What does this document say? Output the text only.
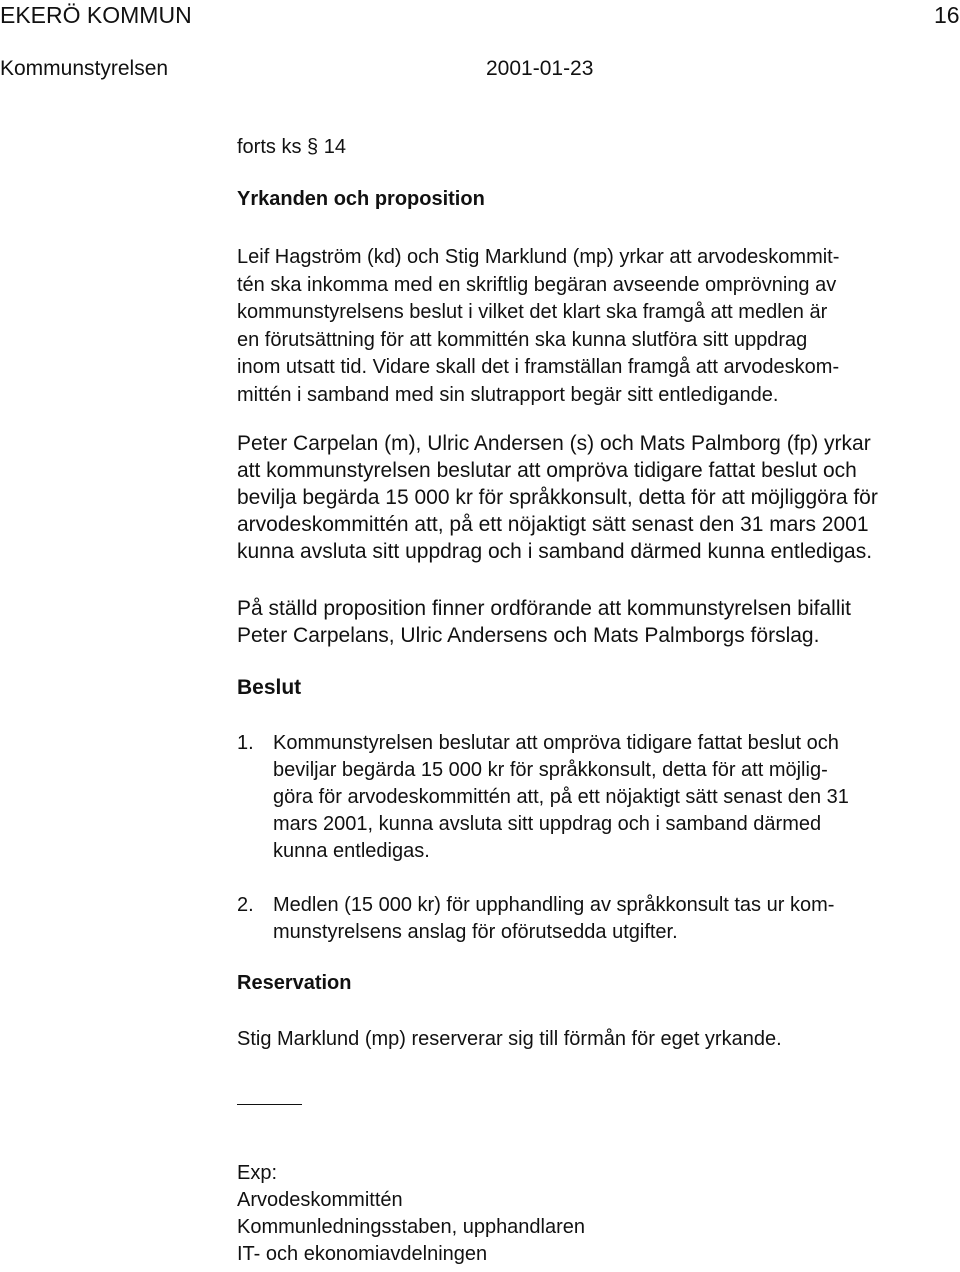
EKERÖ KOMMUN	16
Kommunstyrelsen	2001-01-23
forts ks § 14
Yrkanden och proposition
Leif Hagström (kd) och Stig Marklund (mp) yrkar att arvodeskommit-
tén ska inkomma med en skriftlig begäran avseende omprövning av
kommunstyrelsens beslut i vilket det klart ska framgå att medlen är
en förutsättning för att kommittén ska kunna slutföra sitt uppdrag
inom utsatt tid. Vidare skall det i framställan framgå att arvodeskom-
mittén i samband med sin slutrapport begär sitt entledigande.
Peter Carpelan (m), Ulric Andersen (s) och Mats Palmborg (fp) yrkar
att kommunstyrelsen beslutar att ompröva tidigare fattat beslut och
bevilja begärda 15 000 kr för språkkonsult, detta för att möjliggöra för
arvodeskommittén att, på ett nöjaktigt sätt senast den 31 mars 2001
kunna avsluta sitt uppdrag och i samband därmed kunna entledigas.
På ställd proposition finner ordförande att kommunstyrelsen bifallit
Peter Carpelans, Ulric Andersens och Mats Palmborgs förslag.
Beslut
1. Kommunstyrelsen beslutar att ompröva tidigare fattat beslut och
beviljar begärda 15 000 kr för språkkonsult, detta för att möjlig-
göra för arvodeskommittén att, på ett nöjaktigt sätt senast den 31
mars 2001, kunna avsluta sitt uppdrag och i samband därmed
kunna entledigas.
2. Medlen (15 000 kr) för upphandling av språkkonsult tas ur kom-
munstyrelsens anslag för oförutsedda utgifter.
Reservation
Stig Marklund (mp) reserverar sig till förmån för eget yrkande.
Exp:
Arvodeskommittén
Kommunledningsstaben, upphandlaren
IT- och ekonomiavdelningen
